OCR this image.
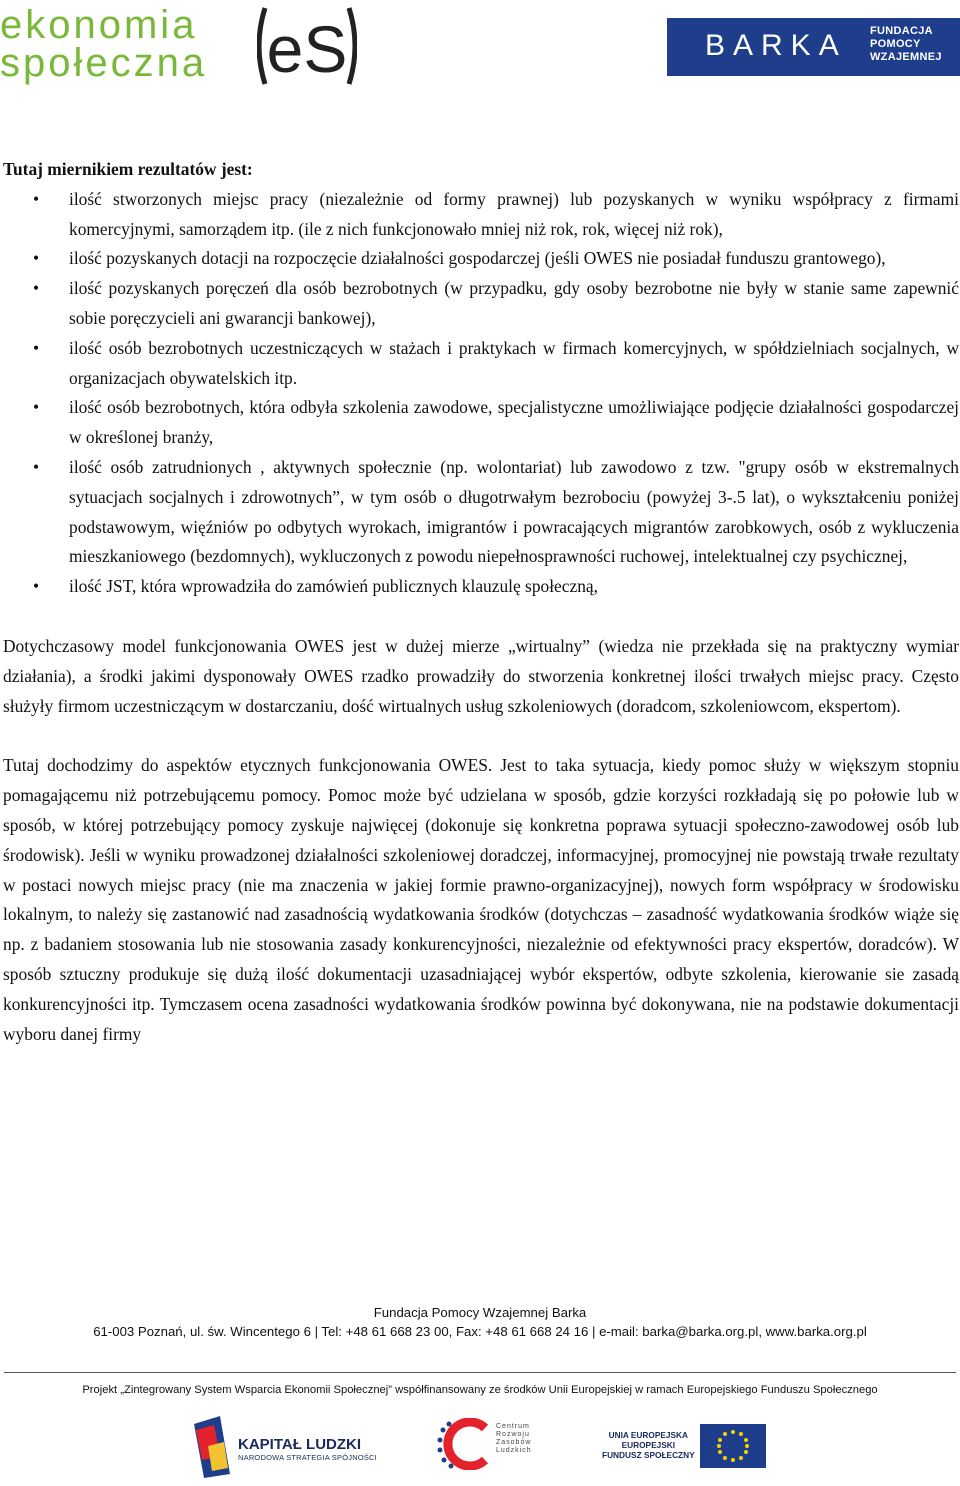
ekonomia
społeczna eS	BARKA FUNDACJA
POMOCY
WZAJEMNEJ

Tutaj miernikiem rezultatów jest:

• ilość stworzonych miejsc pracy (niezależnie od formy prawnej) lub pozyskanych w wyniku współpracy z firmami komercyjnymi, samorządem itp. (ile z nich funkcjonowało mniej niż rok, rok, więcej niż rok),
• ilość pozyskanych dotacji na rozpoczęcie działalności gospodarczej (jeśli OWES nie posiadał funduszu grantowego),
• ilość pozyskanych poręczeń dla osób bezrobotnych (w przypadku, gdy osoby bezrobotne nie były w stanie same zapewnić sobie poręczycieli ani gwarancji bankowej),
• ilość osób bezrobotnych uczestniczących w stażach i praktykach w firmach komercyjnych, w spółdzielniach socjalnych, w organizacjach obywatelskich itp.
• ilość osób bezrobotnych, która odbyła szkolenia zawodowe, specjalistyczne umożliwiające podjęcie działalności gospodarczej w określonej branży,
• ilość osób zatrudnionych , aktywnych społecznie (np. wolontariat) lub zawodowo z tzw. "grupy osób w ekstremalnych sytuacjach socjalnych i zdrowotnych”, w tym osób o długotrwałym bezrobociu (powyżej 3-.5 lat), o wykształceniu poniżej podstawowym, więźniów po odbytych wyrokach, imigrantów i powracających migrantów zarobkowych, osób z wykluczenia mieszkaniowego (bezdomnych), wykluczonych z powodu niepełnosprawności ruchowej, intelektualnej czy psychicznej,
• ilość JST, która wprowadziła do zamówień publicznych klauzulę społeczną,

Dotychczasowy model funkcjonowania OWES jest w dużej mierze „wirtualny” (wiedza nie przekłada się na praktyczny wymiar działania), a środki jakimi dysponowały OWES rzadko prowadziły do stworzenia konkretnej ilości trwałych miejsc pracy. Często służyły firmom uczestniczącym w dostarczaniu, dość wirtualnych usług szkoleniowych (doradcom, szkoleniowcom, ekspertom).

Tutaj dochodzimy do aspektów etycznych funkcjonowania OWES. Jest to taka sytuacja, kiedy pomoc służy w większym stopniu pomagającemu niż potrzebującemu pomocy. Pomoc może być udzielana w sposób, gdzie korzyści rozkładają się po połowie lub w sposób, w której potrzebujący pomocy zyskuje najwięcej (dokonuje się konkretna poprawa sytuacji społeczno-zawodowej osób lub środowisk). Jeśli w wyniku prowadzonej działalności szkoleniowej doradczej, informacyjnej, promocyjnej nie powstają trwałe rezultaty w postaci nowych miejsc pracy (nie ma znaczenia w jakiej formie prawno-organizacyjnej), nowych form współpracy w środowisku lokalnym, to należy się zastanowić nad zasadnością wydatkowania środków (dotychczas – zasadność wydatkowania środków wiąże się np. z badaniem stosowania lub nie stosowania zasady konkurencyjności, niezależnie od efektywności pracy ekspertów, doradców). W sposób sztuczny produkuje się dużą ilość dokumentacji uzasadniającej wybór ekspertów, odbyte szkolenia, kierowanie sie zasadą konkurencyjności itp. Tymczasem ocena zasadności wydatkowania środków powinna być dokonywana, nie na podstawie dokumentacji wyboru danej firmy

Fundacja Pomocy Wzajemnej Barka
61-003 Poznań, ul. św. Wincentego 6 | Tel: +48 61 668 23 00, Fax: +48 61 668 24 16 | e-mail: barka@barka.org.pl, www.barka.org.pl
Projekt „Zintegrowany System Wsparcia Ekonomii Społecznej” współfinansowany ze środków Unii Europejskiej w ramach Europejskiego Funduszu Społecznego
KAPITAŁ LUDZKI
NARODOWA STRATEGIA SPÓJNOŚCI
Centrum
Rozwoju
Zasobów
Ludzkich
UNIA EUROPEJSKA
EUROPEJSKI
FUNDUSZ SPOŁECZNY
